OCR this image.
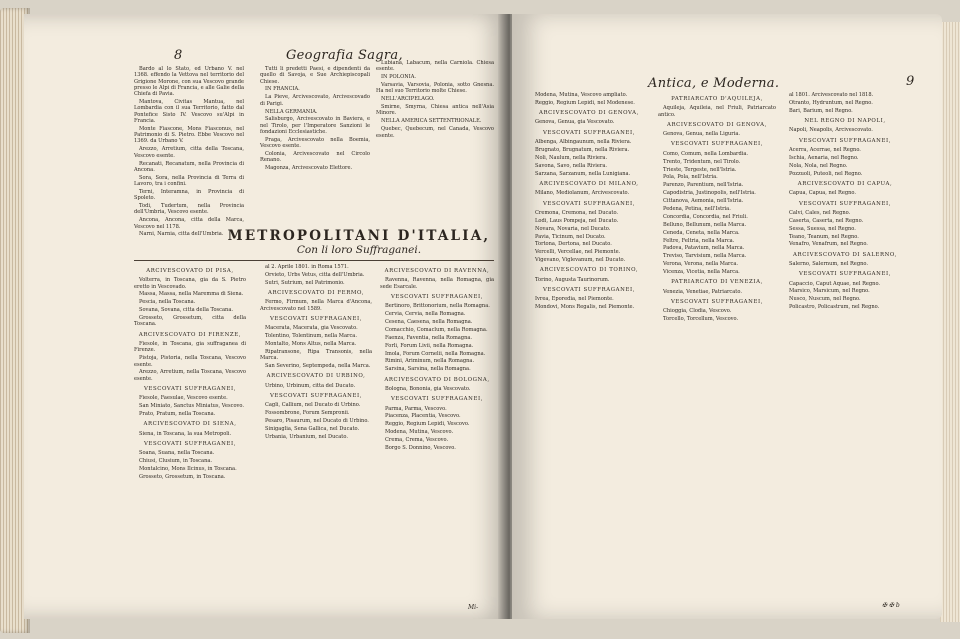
8	Geografia Sagra,

Bardo al lo Stato, ed Urbano V. nel 1368. effendo la Vettova nel territorio del Grigione Morone, con sua Vescovo grande presso le Alpi di Francia, e alle Galie della Chiefa di Pavia.

Mantova, Civitas Mantua, nel Lombardia con il sua Territorio, fatto dal Pontefice Sisto IV. Vescovo su'Alpi in Francia.

Monte Fiascone, Mons Fiasconus, nel Patrimonio di S. Pietro. Ebbe Vescovo nel 1369. da Urbano V.

Arezzo, Arretium, citta della Toscana, Vescovo esente.

Recanati, Recanatum, nella Provincia di Ancona.

Sora, Sora, nella Provincia di Terra di Lavoro, tra i confini.

Terni, Interamna, in Provincia di Spoleto.

Todi, Tudertum, nella Provincia dell'Umbria, Vescovo esente.

Ancona, Ancona, citta della Marca, Vescovo nel 1178.

Narni, Narnia, citta dell'Umbria.

Tutti li predetti Paesi, e dipendenti da quello di Savoja, e Sue Archiepiscopali Chiese.

IN FRANCIA.

La Pieve, Arcivescovato, Arcivescovado di Parigi.

NELLA GERMANIA.

Salisburgo, Arcivescovato in Baviera, e nel Tirolo, per l'Imperatore Sanzioni le fondazioni Ecclesiastiche.

Praga, Arcivescovato nella Boemia, Vescovo esente.

Colonia, Arcivescovato nel Circolo Renano.

Magonza, Arcivescovato Elettore.

Lubiana, Labacum, nella Carniola. Chiesa esente.

IN POLONIA.

Varsavia, Varsovia, Polonia, sotto Gnesna. Ha nel suo Territorio molte Chiese.

NELL'ARCIPELAGO.

Smirne, Smyrna, Chiesa antica nell'Asia Minore.

NELLA AMERICA SETTENTRIONALE.

Quebec, Quebecum, nel Canada, Vescovo esente.

METROPOLITANI D'ITALIA,
Con li loro Suffraganei.

ARCIVESCOVATO DI PISA,

Volterra, in Toscana, gia da S. Pietro eretto in Vescovado.

Massa, Massa, nella Maremma di Siena.

Pescia, nella Toscana.

Sovana, Sovana, citta della Toscana.

Grosseto, Grossetum, citta della Toscana.

ARCIVESCOVATO DI FIRENZE,

Fiesole, in Toscana, gia suffraganea di Firenze.

Pistoja, Pistoria, nella Toscana, Vescovo esente.

Arezzo, Arretium, nella Toscana, Vescovo esente.

VESCOVATI SUFFRAGANEI,

Fiesole, Faesulae, Vescovo esente.

San Miniato, Sanctus Miniatus, Vescovo.

Prato, Pratum, nella Toscana.

ARCIVESCOVATO DI SIENA,

Siena, in Toscana, la sua Metropoli.

VESCOVATI SUFFRAGANEI,

Soana, Suana, nella Toscana.

Chiusi, Clusium, in Toscana.

Montalcino, Mons Ilcinus, in Toscana.

Grosseto, Grossetum, in Toscana.

al 2. Aprile 1801. in Roma 1571.

Orvieto, Urbs Vetus, citta dell'Umbria.

Sutri, Sutrium, nel Patrimonio.

ARCIVESCOVATO DI FERMO,

Fermo, Firmum, nella Marca d'Ancona, Arcivescovato nel 1589.

VESCOVATI SUFFRAGANEI,

Macerata, Macerata, gia Vescovato.

Tolentino, Tolentinum, nella Marca.

Montalto, Mons Altus, nella Marca.

Ripatransone, Ripa Transonis, nella Marca.

San Severino, Septempeda, nella Marca.

ARCIVESCOVATO DI URBINO,

Urbino, Urbinum, citta del Ducato.

VESCOVATI SUFFRAGANEI,

Cagli, Callium, nel Ducato di Urbino.

Fossombrone, Forum Sempronii.

Pesaro, Pisaurum, nel Ducato di Urbino.

Sinigaglia, Sena Gallica, nel Ducato.

Urbania, Urbanium, nel Ducato.

ARCIVESCOVATO DI RAVENNA,

Ravenna, Ravenna, nella Romagna, gia sede Esarcale.

VESCOVATI SUFFRAGANEI,

Bertinoro, Brittonorium, nella Romagna.

Cervia, Cervia, nella Romagna.

Cesena, Caesena, nella Romagna.

Comacchio, Comaclum, nella Romagna.

Faenza, Faventia, nella Romagna.

Forli, Forum Livii, nella Romagna.

Imola, Forum Cornelii, nella Romagna.

Rimini, Ariminum, nella Romagna.

Sarsina, Sarsina, nella Romagna.

ARCIVESCOVATO DI BOLOGNA,

Bologna, Bononia, gia Vescovato.

VESCOVATI SUFFRAGANEI,

Parma, Parma, Vescovo.

Piacenza, Placentia, Vescovo.

Reggio, Regium Lepidi, Vescovo.

Modena, Mutina, Vescovo.

Crema, Crema, Vescovo.

Borgo S. Donnino, Vescovo.

Mi-
Antica, e Moderna.	9

Modena, Mutina, Vescovo ampliato.

Reggio, Regium Lepidi, nel Modenese.

ARCIVESCOVATO DI GENOVA,

Genova, Genua, gia Vescovato.

VESCOVATI SUFFRAGANEI,

Albenga, Albingaunum, nella Riviera.

Brugnato, Brugnatum, nella Riviera.

Noli, Naulum, nella Riviera.

Savona, Savo, nella Riviera.

Sarzana, Sarzanum, nella Lunigiana.

ARCIVESCOVATO DI MILANO,

Milano, Mediolanum, Arcivescovato.

VESCOVATI SUFFRAGANEI,

Cremona, Cremona, nel Ducato.

Lodi, Laus Pompeja, nel Ducato.

Novara, Novaria, nel Ducato.

Pavia, Ticinum, nel Ducato.

Tortona, Dertona, nel Ducato.

Vercelli, Vercellae, nel Piemonte.

Vigevano, Viglevanum, nel Ducato.

ARCIVESCOVATO DI TORINO,

Torino, Augusta Taurinorum.

VESCOVATI SUFFRAGANEI,

Ivrea, Eporedia, nel Piemonte.

Mondovi, Mons Regalis, nel Piemonte.

PATRIARCATO D'AQUILEJA,

Aquileja, Aquileia, nel Friuli, Patriarcato antico.

ARCIVESCOVATO DI GENOVA,

Genova, Genua, nella Liguria.

VESCOVATI SUFFRAGANEI,

Como, Comum, nella Lombardia.

Trento, Tridentum, nel Tirolo.

Trieste, Tergeste, nell'Istria.

Pola, Pola, nell'Istria.

Parenzo, Parentium, nell'Istria.

Capodistria, Justinopolis, nell'Istria.

Cittanova, Aemonia, nell'Istria.

Pedena, Petina, nell'Istria.

Concordia, Concordia, nel Friuli.

Belluno, Bellunum, nella Marca.

Ceneda, Ceneta, nella Marca.

Feltre, Feltria, nella Marca.

Padova, Patavium, nella Marca.

Treviso, Tarvisium, nella Marca.

Verona, Verona, nella Marca.

Vicenza, Vicetia, nella Marca.

PATRIARCATO DI VENEZIA,

Venezia, Venetiae, Patriarcato.

VESCOVATI SUFFRAGANEI,

Chioggia, Clodia, Vescovo.

Torcello, Torcellum, Vescovo.

al 1801. Arcivescovato nel 1818.

Otranto, Hydruntum, nel Regno.

Bari, Barium, nel Regno.

NEL REGNO DI NAPOLI,

Napoli, Neapolis, Arcivescovato.

VESCOVATI SUFFRAGANEI,

Acerra, Acerrae, nel Regno.

Ischia, Aenaria, nel Regno.

Nola, Nola, nel Regno.

Pozzuoli, Puteoli, nel Regno.

ARCIVESCOVATO DI CAPUA,

Capua, Capua, nel Regno.

VESCOVATI SUFFRAGANEI,

Calvi, Cales, nel Regno.

Caserta, Caserta, nel Regno.

Sessa, Suessa, nel Regno.

Teano, Teanum, nel Regno.

Venafro, Venafrum, nel Regno.

ARCIVESCOVATO DI SALERNO,

Salerno, Salernum, nel Regno.

VESCOVATI SUFFRAGANEI,

Capaccio, Caput Aquae, nel Regno.

Marsico, Marsicum, nel Regno.

Nusco, Nuscum, nel Regno.

Policastro, Policastrum, nel Regno.

✠ ✠ b
